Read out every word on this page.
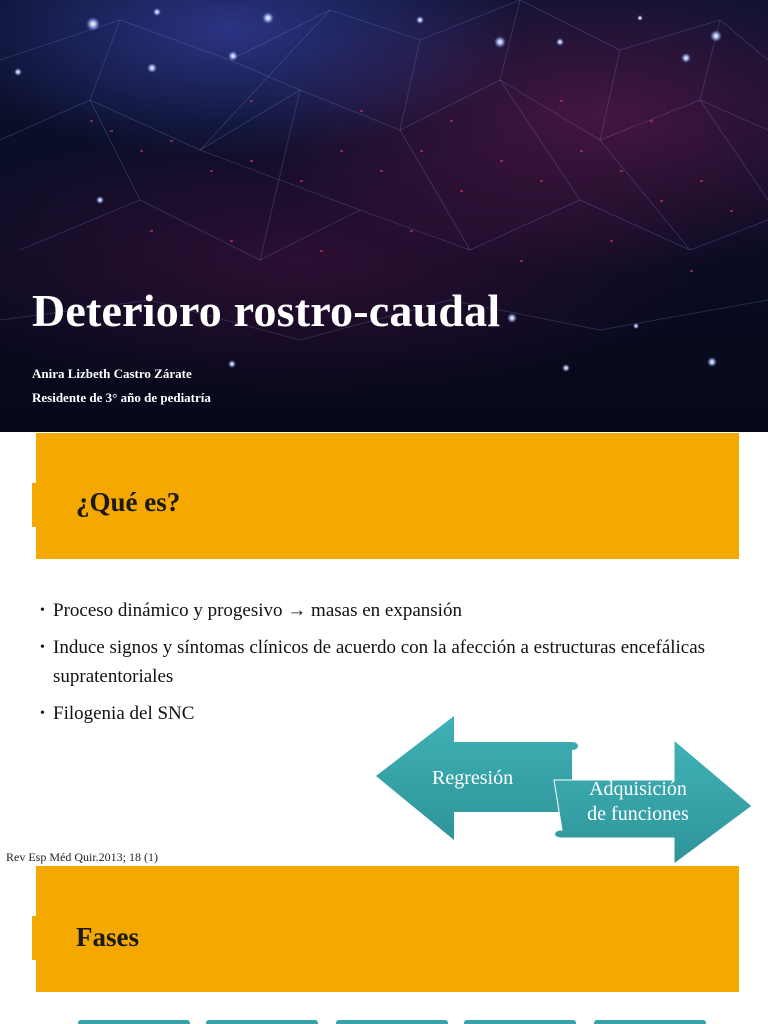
Deterioro rostro-caudal
Anira Lizbeth Castro Zárate
Residente de 3° año de pediatría
¿Qué es?
• Proceso dinámico y progesivo → masas en expansión
• Induce signos y síntomas clínicos de acuerdo con la afección a estructuras encefálicas supratentoriales
• Filogenia del SNC
Regresión	Adquisición
de funciones
Rev Esp Méd Quir.2013; 18 (1)
Fases
